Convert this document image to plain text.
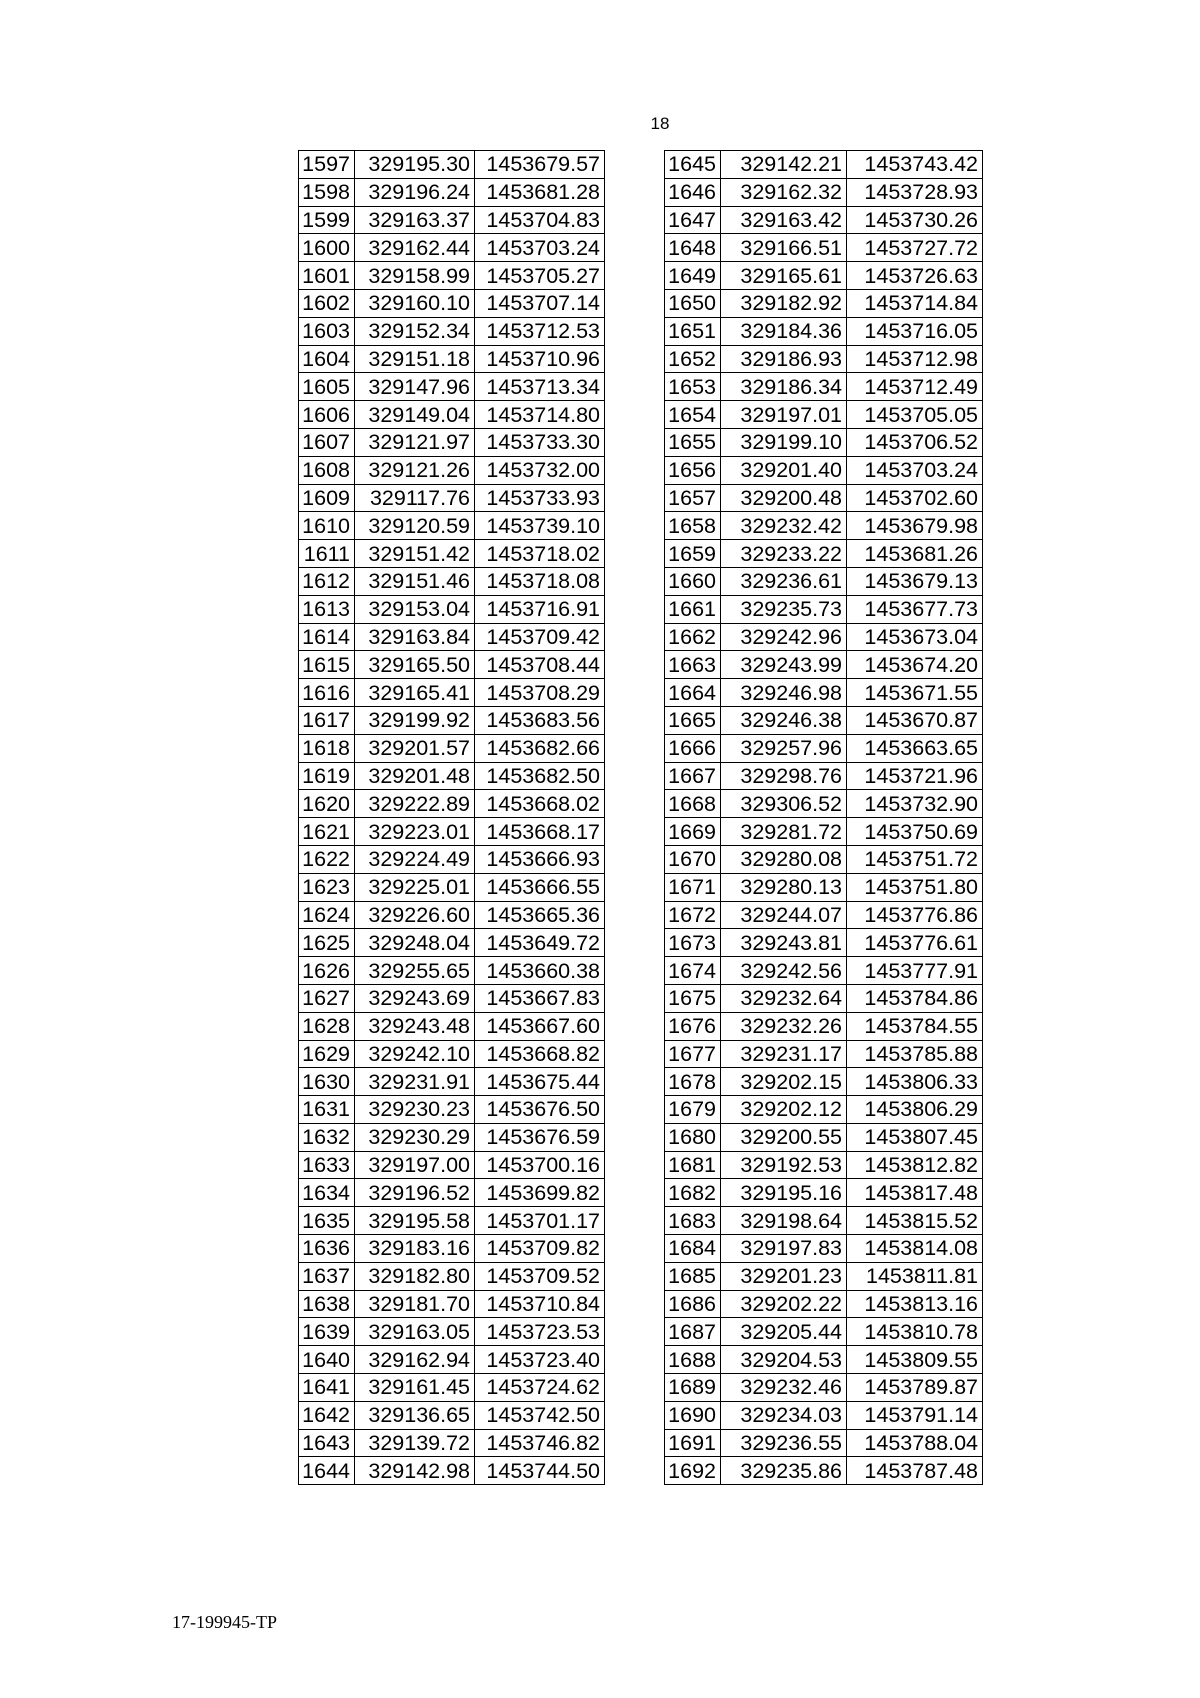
18
1597	329195.30	1453679.57
1598	329196.24	1453681.28
1599	329163.37	1453704.83
1600	329162.44	1453703.24
1601	329158.99	1453705.27
1602	329160.10	1453707.14
1603	329152.34	1453712.53
1604	329151.18	1453710.96
1605	329147.96	1453713.34
1606	329149.04	1453714.80
1607	329121.97	1453733.30
1608	329121.26	1453732.00
1609	329117.76	1453733.93
1610	329120.59	1453739.10
1611	329151.42	1453718.02
1612	329151.46	1453718.08
1613	329153.04	1453716.91
1614	329163.84	1453709.42
1615	329165.50	1453708.44
1616	329165.41	1453708.29
1617	329199.92	1453683.56
1618	329201.57	1453682.66
1619	329201.48	1453682.50
1620	329222.89	1453668.02
1621	329223.01	1453668.17
1622	329224.49	1453666.93
1623	329225.01	1453666.55
1624	329226.60	1453665.36
1625	329248.04	1453649.72
1626	329255.65	1453660.38
1627	329243.69	1453667.83
1628	329243.48	1453667.60
1629	329242.10	1453668.82
1630	329231.91	1453675.44
1631	329230.23	1453676.50
1632	329230.29	1453676.59
1633	329197.00	1453700.16
1634	329196.52	1453699.82
1635	329195.58	1453701.17
1636	329183.16	1453709.82
1637	329182.80	1453709.52
1638	329181.70	1453710.84
1639	329163.05	1453723.53
1640	329162.94	1453723.40
1641	329161.45	1453724.62
1642	329136.65	1453742.50
1643	329139.72	1453746.82
1644	329142.98	1453744.50
1645	329142.21	1453743.42
1646	329162.32	1453728.93
1647	329163.42	1453730.26
1648	329166.51	1453727.72
1649	329165.61	1453726.63
1650	329182.92	1453714.84
1651	329184.36	1453716.05
1652	329186.93	1453712.98
1653	329186.34	1453712.49
1654	329197.01	1453705.05
1655	329199.10	1453706.52
1656	329201.40	1453703.24
1657	329200.48	1453702.60
1658	329232.42	1453679.98
1659	329233.22	1453681.26
1660	329236.61	1453679.13
1661	329235.73	1453677.73
1662	329242.96	1453673.04
1663	329243.99	1453674.20
1664	329246.98	1453671.55
1665	329246.38	1453670.87
1666	329257.96	1453663.65
1667	329298.76	1453721.96
1668	329306.52	1453732.90
1669	329281.72	1453750.69
1670	329280.08	1453751.72
1671	329280.13	1453751.80
1672	329244.07	1453776.86
1673	329243.81	1453776.61
1674	329242.56	1453777.91
1675	329232.64	1453784.86
1676	329232.26	1453784.55
1677	329231.17	1453785.88
1678	329202.15	1453806.33
1679	329202.12	1453806.29
1680	329200.55	1453807.45
1681	329192.53	1453812.82
1682	329195.16	1453817.48
1683	329198.64	1453815.52
1684	329197.83	1453814.08
1685	329201.23	1453811.81
1686	329202.22	1453813.16
1687	329205.44	1453810.78
1688	329204.53	1453809.55
1689	329232.46	1453789.87
1690	329234.03	1453791.14
1691	329236.55	1453788.04
1692	329235.86	1453787.48
17-199945-TP
